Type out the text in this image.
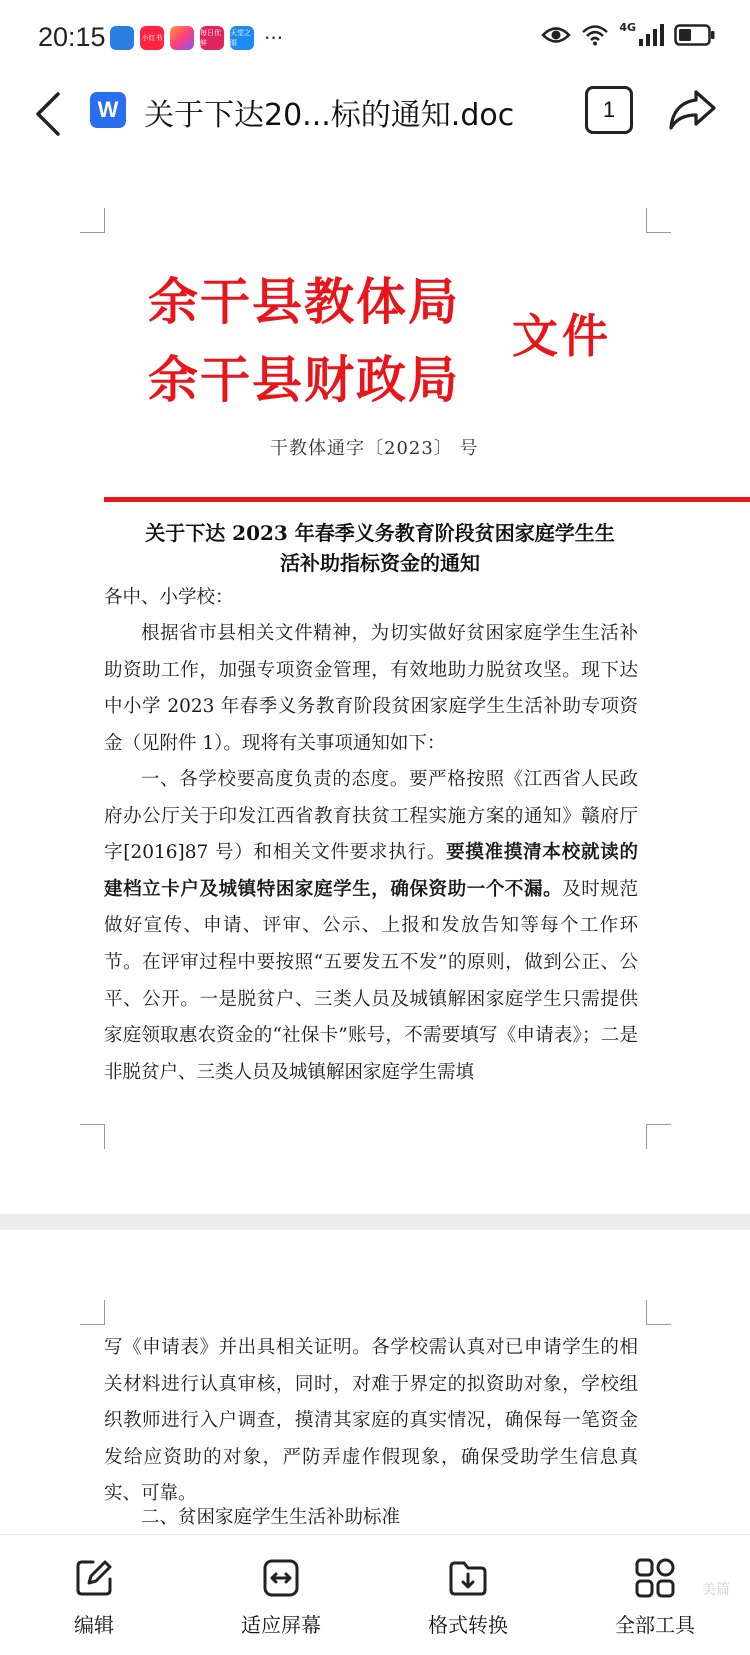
20:15	小红书
每日优鲜
天堂之眼	···	4G
W 关于下达20...标的通知.doc	1
余干县教体局
余干县财政局
文件
干教体通字〔2023〕 号
关于下达 2023 年春季义务教育阶段贫困家庭学生生
活补助指标资金的通知
各中、小学校：
根据省市县相关文件精神，为切实做好贫困家庭学生生活补助资助工作，加强专项资金管理，有效地助力脱贫攻坚。现下达中小学 2023 年春季义务教育阶段贫困家庭学生生活补助专项资金（见附件 1）。现将有关事项通知如下：
一、各学校要高度负责的态度。要严格按照《江西省人民政府办公厅关于印发江西省教育扶贫工程实施方案的通知》赣府厅字[2016]87 号）和相关文件要求执行。要摸准摸清本校就读的建档立卡户及城镇特困家庭学生，确保资助一个不漏。及时规范做好宣传、申请、评审、公示、上报和发放告知等每个工作环节。在评审过程中要按照“五要发五不发”的原则，做到公正、公平、公开。一是脱贫户、三类人员及城镇解困家庭学生只需提供家庭领取惠农资金的“社保卡”账号，不需要填写《申请表》；二是非脱贫户、三类人员及城镇解困家庭学生需填
写《申请表》并出具相关证明。各学校需认真对已申请学生的相关材料进行认真审核，同时，对难于界定的拟资助对象，学校组织教师进行入户调查，摸清其家庭的真实情况，确保每一笔资金发给应资助的对象，严防弄虚作假现象，确保受助学生信息真实、可靠。
二、贫困家庭学生生活补助标准
编辑	适应屏幕	格式转换	全部工具
美篇
